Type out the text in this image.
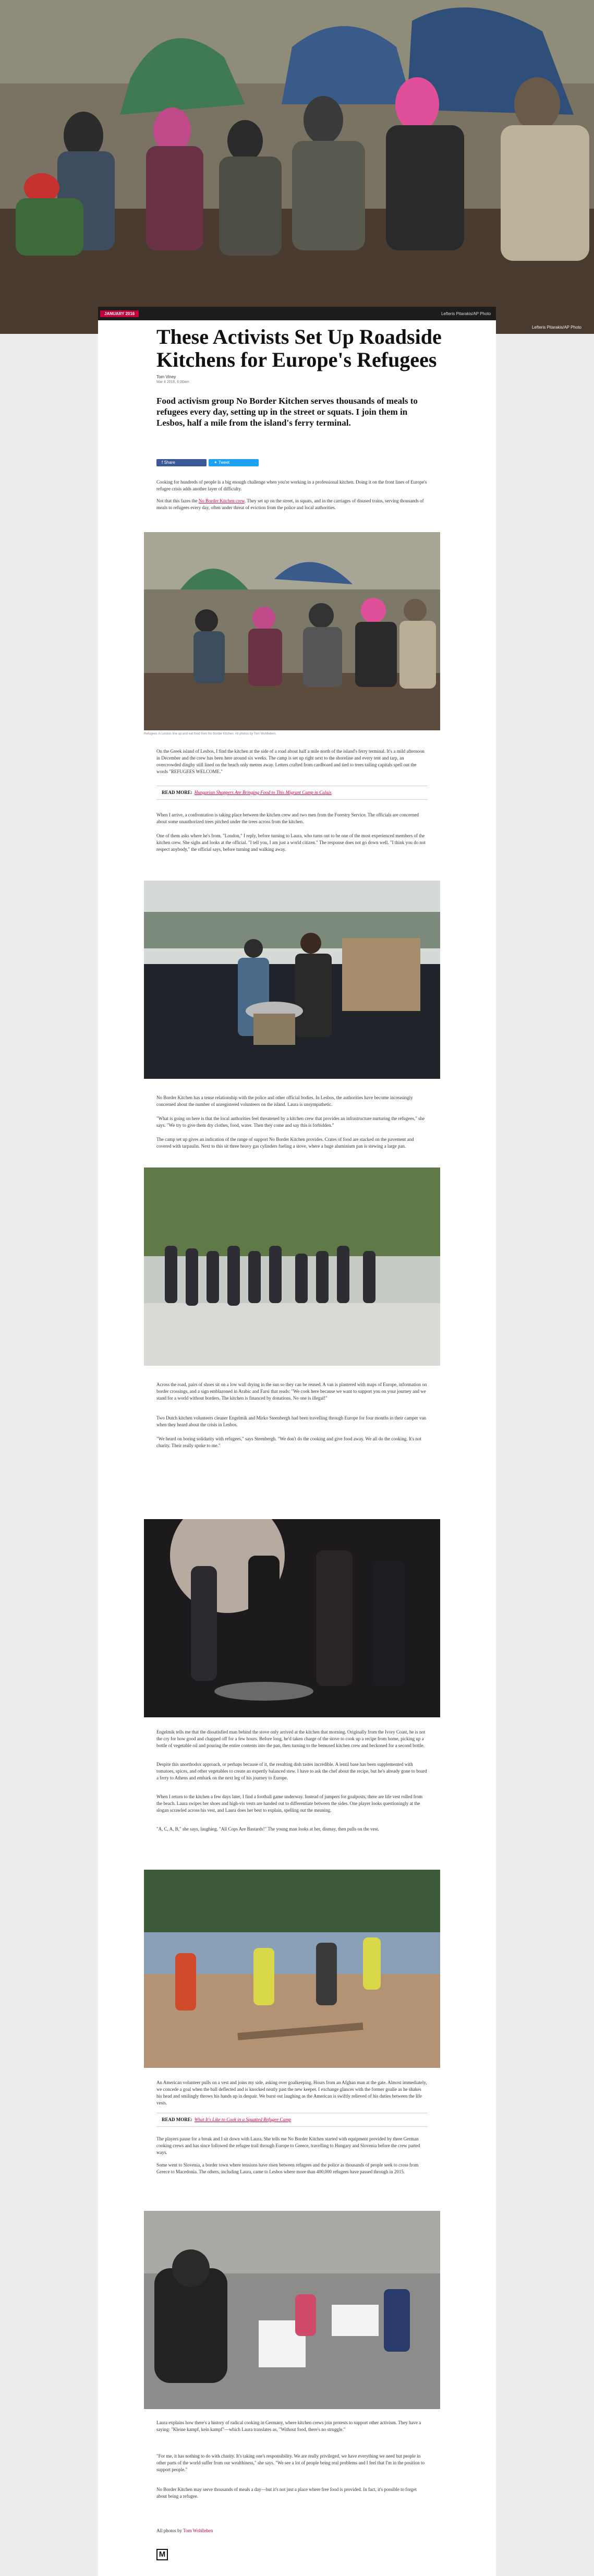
Lefteris Pitarakis/AP Photo
JANUARY 2016	Lefteris Pitarakis/AP Photo
These Activists Set Up Roadside Kitchens for Europe's Refugees
Tom Viney
Mar 4 2016, 6:00am

Food activism group No Border Kitchen serves thousands of meals to refugees every day, setting up in the street or squats. I join them in Lesbos, half a mile from the island's ferry terminal.

f Share	✦ Tweet

Cooking for hundreds of people is a big enough challenge when you're working in a professional kitchen. Doing it on the front lines of Europe's refugee crisis adds another layer of difficulty.

Not that this fazes the No Border Kitchen crew. They set up on the street, in squats, and in the carriages of disused trains, serving thousands of meals to refugees every day, often under threat of eviction from the police and local authorities.

Refugees in Lesbos line up and eat food from No Border Kitchen. All photos by Tom Wohlleben.

On the Greek island of Lesbos, I find the kitchen at the side of a road about half a mile north of the island's ferry terminal. It's a mild afternoon in December and the crew has been here around six weeks. The camp is set up right next to the shoreline and every tent and tarp, an overcrowded dinghy still lined on the beach only metres away. Letters crafted from cardboard and tied to trees tailing capitals spell out the words "REFUGEES WELCOME."

READ MORE: Hungarian Shoppers Are Bringing Food to This Migrant Camp in Calais

When I arrive, a confrontation is taking place between the kitchen crew and two men from the Forestry Service. The officials are concerned about some unauthorized trees pitched under the trees across from the kitchen.

One of them asks where he's from. "London," I reply, before turning to Laura, who turns out to be one of the most experienced members of the kitchen crew. She sighs and looks at the official. "I tell you, I am just a world citizen." The response does not go down well. "I think you do not respect anybody," the official says, before turning and walking away.

No Border Kitchen has a tense relationship with the police and other official bodies. In Lesbos, the authorities have become increasingly concerned about the number of unregistered volunteers on the island. Laura is unsympathetic.

"What is going on here is that the local authorities feel threatened by a kitchen crew that provides an infrastructure nurturing the refugees," she says. "We try to give them dry clothes, food, water. Then they come and say this is forbidden."

The camp set up gives an indication of the range of support No Border Kitchen provides. Crates of food are stacked on the pavement and covered with tarpaulin. Next to this sit three heavy gas cylinders fueling a stove, where a huge aluminium pan is stewing a large pan.

Across the road, pairs of shoes sit on a low wall drying in the sun so they can be reused. A van is plastered with maps of Europe, information on border crossings, and a sign emblazoned in Arabic and Farsi that reads: "We cook here because we want to support you on your journey and we stand for a world without borders. The kitchen is financed by donations. No one is illegal!"

Two Dutch kitchen volunteers cleaner Engelmik and Mirko Steenbergh had been travelling through Europe for four months in their camper van when they heard about the crisis in Lesbos.

"We heard on boring solidarity with refugees," says Steenbergh. "We don't do the cooking and give food away. We all do the cooking. It's not charity. Their really spoke to me."

Engelmik tells me that the dissatisfied man behind the stove only arrived at the kitchen that morning. Originally from the Ivory Coast, he is not the cry for how good and chapped off for a few hours. Before long, he'd taken charge of the stove to cook up a recipe from home, picking up a bottle of vegetable oil and pouring the entire contents into the pan, then turning to the bemused kitchen crew and beckoned for a second bottle.

Despite this unorthodox approach, or perhaps because of it, the resulting dish tastes incredible. A lentil base has been supplemented with tomatoes, spices, and other vegetables to create an expertly balanced stew. I have to ask the chef about the recipe, but he's already gone to board a ferry to Athens and embark on the next leg of his journey to Europe.

When I return to the kitchen a few days later, I find a football game underway. Instead of jumpers for goalposts, there are life vest rolled from the beach. Laura swipes her shoes and high-vis vests are handed out to differentiate between the sides. One player looks questioningly at the slogan scrawled across his vest, and Laura does her best to explain, spelling out the meaning.

"A, C, A, B," she says, laughing. "All Cops Are Bastards!" The young man looks at her, dismay, then pulls on the vest.

An American volunteer pulls on a vest and joins my side, asking over goalkeeping. Hours from an Afghan man at the gate. Almost immediately, we concede a goal when the ball deflected and is knocked neatly past the new keeper. I exchange glances with the former goalie as he shakes his head and smilingly throws his hands up in despair. We burst out laughing as the American is swiftly relieved of his duties between the life vests.

READ MORE: What It's Like to Cook in a Squatted Refugee Camp

The players pause for a break and I sit down with Laura. She tells me No Border Kitchen started with equipment provided by three German cooking crews and has since followed the refugee trail through Europe to Greece, travelling to Hungary and Slovenia before the crew parted ways.

Some went to Slovenia, a border town where tensions have risen between refugees and the police as thousands of people seek to cross from Greece to Macedonia. The others, including Laura, came to Lesbos where more than 400,000 refugees have passed through in 2015.

Laura explains how there's a history of radical cooking in Germany, where kitchen crews join protests to support other activism. They have a saying: "Kleine kampf, kein kampf"—which Laura translates as, "Without food, there's no struggle."

"For me, it has nothing to do with charity. It's taking one's responsibility. We are really privileged, we have everything we need but people in other parts of the world suffer from our wealthiness," she says. "We see a lot of people being real problems and I feel that I'm in the position to support people."

No Border Kitchen may serve thousands of meals a day—but it's not just a place where free food is provided. In fact, it's possible to forget about being a refugee.

All photos by Tom Wohlleben

M
